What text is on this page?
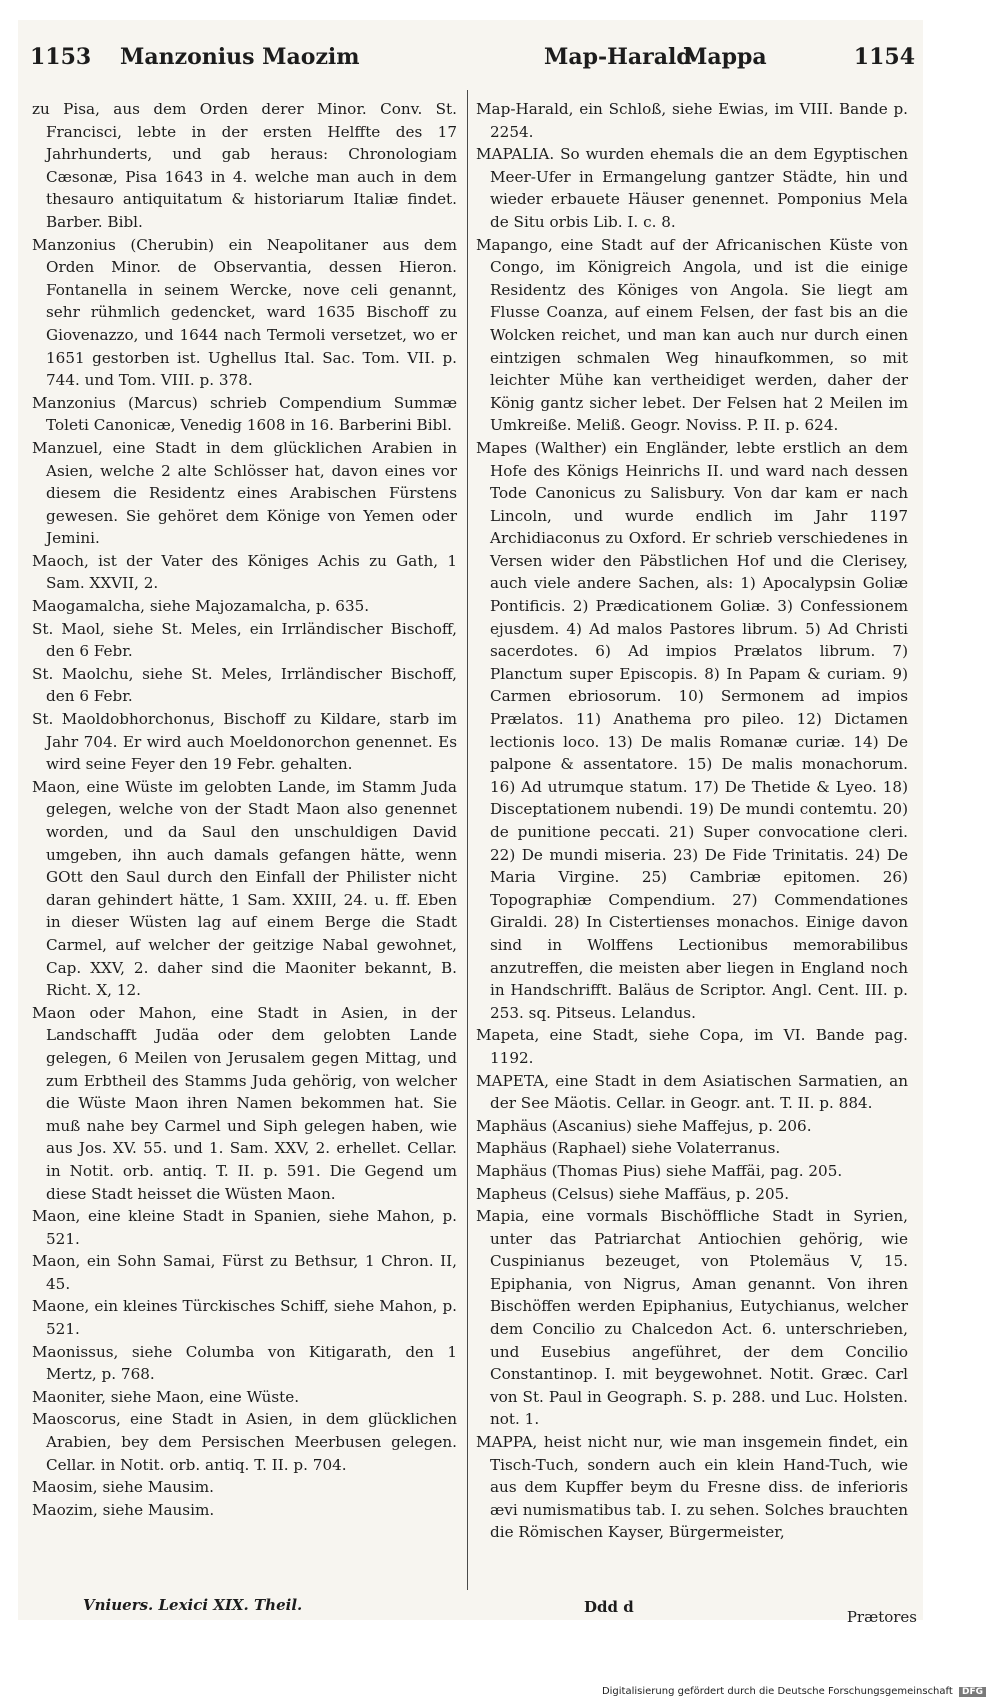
1153 Manzonius Maozim	Map-Harald
Mappa	1154

zu Pisa, aus dem Orden derer Minor. Conv. St. Francisci, lebte in der ersten Helffte des 17 Jahrhunderts, und gab heraus: Chronologiam Cæsonæ, Pisa 1643 in 4. welche man auch in dem thesauro antiquitatum & historiarum Italiæ findet. Barber. Bibl.

Manzonius (Cherubin) ein Neapolitaner aus dem Orden Minor. de Observantia, dessen Hieron. Fontanella in seinem Wercke, nove celi genannt, sehr rühmlich gedencket, ward 1635 Bischoff zu Giovenazzo, und 1644 nach Termoli versetzet, wo er 1651 gestorben ist. Ughellus Ital. Sac. Tom. VII. p. 744. und Tom. VIII. p. 378.

Manzonius (Marcus) schrieb Compendium Summæ Toleti Canonicæ, Venedig 1608 in 16. Barberini Bibl.

Manzuel, eine Stadt in dem glücklichen Arabien in Asien, welche 2 alte Schlösser hat, davon eines vor diesem die Residentz eines Arabischen Fürstens gewesen. Sie gehöret dem Könige von Yemen oder Jemini.

Maoch, ist der Vater des Königes Achis zu Gath, 1 Sam. XXVII, 2.

Maogamalcha, siehe Majozamalcha, p. 635.

St. Maol, siehe St. Meles, ein Irrländischer Bischoff, den 6 Febr.

St. Maolchu, siehe St. Meles, Irrländischer Bischoff, den 6 Febr.

St. Maoldobhorchonus, Bischoff zu Kildare, starb im Jahr 704. Er wird auch Moeldonorchon genennet. Es wird seine Feyer den 19 Febr. gehalten.

Maon, eine Wüste im gelobten Lande, im Stamm Juda gelegen, welche von der Stadt Maon also genennet worden, und da Saul den unschuldigen David umgeben, ihn auch damals gefangen hätte, wenn GOtt den Saul durch den Einfall der Philister nicht daran gehindert hätte, 1 Sam. XXIII, 24. u. ff. Eben in dieser Wüsten lag auf einem Berge die Stadt Carmel, auf welcher der geitzige Nabal gewohnet, Cap. XXV, 2. daher sind die Maoniter bekannt, B. Richt. X, 12.

Maon oder Mahon, eine Stadt in Asien, in der Landschafft Judäa oder dem gelobten Lande gelegen, 6 Meilen von Jerusalem gegen Mittag, und zum Erbtheil des Stamms Juda gehörig, von welcher die Wüste Maon ihren Namen bekommen hat. Sie muß nahe bey Carmel und Siph gelegen haben, wie aus Jos. XV. 55. und 1. Sam. XXV, 2. erhellet. Cellar. in Notit. orb. antiq. T. II. p. 591. Die Gegend um diese Stadt heisset die Wüsten Maon.

Maon, eine kleine Stadt in Spanien, siehe Mahon, p. 521.

Maon, ein Sohn Samai, Fürst zu Bethsur, 1 Chron. II, 45.

Maone, ein kleines Türckisches Schiff, siehe Mahon, p. 521.

Maonissus, siehe Columba von Kitigarath, den 1 Mertz, p. 768.

Maoniter, siehe Maon, eine Wüste.

Maoscorus, eine Stadt in Asien, in dem glücklichen Arabien, bey dem Persischen Meerbusen gelegen. Cellar. in Notit. orb. antiq. T. II. p. 704.

Maosim, siehe Mausim.

Maozim, siehe Mausim.

Map-Harald, ein Schloß, siehe Ewias, im VIII. Bande p. 2254.

MAPALIA. So wurden ehemals die an dem Egyptischen Meer-Ufer in Ermangelung gantzer Städte, hin und wieder erbauete Häuser genennet. Pomponius Mela de Situ orbis Lib. I. c. 8.

Mapango, eine Stadt auf der Africanischen Küste von Congo, im Königreich Angola, und ist die einige Residentz des Königes von Angola. Sie liegt am Flusse Coanza, auf einem Felsen, der fast bis an die Wolcken reichet, und man kan auch nur durch einen eintzigen schmalen Weg hinaufkommen, so mit leichter Mühe kan vertheidiget werden, daher der König gantz sicher lebet. Der Felsen hat 2 Meilen im Umkreiße. Meliß. Geogr. Noviss. P. II. p. 624.

Mapes (Walther) ein Engländer, lebte erstlich an dem Hofe des Königs Heinrichs II. und ward nach dessen Tode Canonicus zu Salisbury. Von dar kam er nach Lincoln, und wurde endlich im Jahr 1197 Archidiaconus zu Oxford. Er schrieb verschiedenes in Versen wider den Päbstlichen Hof und die Clerisey, auch viele andere Sachen, als: 1) Apocalypsin Goliæ Pontificis. 2) Prædicationem Goliæ. 3) Confessionem ejusdem. 4) Ad malos Pastores librum. 5) Ad Christi sacerdotes. 6) Ad impios Prælatos librum. 7) Planctum super Episcopis. 8) In Papam & curiam. 9) Carmen ebriosorum. 10) Sermonem ad impios Prælatos. 11) Anathema pro pileo. 12) Dictamen lectionis loco. 13) De malis Romanæ curiæ. 14) De palpone & assentatore. 15) De malis monachorum. 16) Ad utrumque statum. 17) De Thetide & Lyeo. 18) Disceptationem nubendi. 19) De mundi contemtu. 20) de punitione peccati. 21) Super convocatione cleri. 22) De mundi miseria. 23) De Fide Trinitatis. 24) De Maria Virgine. 25) Cambriæ epitomen. 26) Topographiæ Compendium. 27) Commendationes Giraldi. 28) In Cistertienses monachos. Einige davon sind in Wolffens Lectionibus memorabilibus anzutreffen, die meisten aber liegen in England noch in Handschrifft. Baläus de Scriptor. Angl. Cent. III. p. 253. sq. Pitseus. Lelandus.

Mapeta, eine Stadt, siehe Copa, im VI. Bande pag. 1192.

MAPETA, eine Stadt in dem Asiatischen Sarmatien, an der See Mäotis. Cellar. in Geogr. ant. T. II. p. 884.

Maphäus (Ascanius) siehe Maffejus, p. 206.

Maphäus (Raphael) siehe Volaterranus.

Maphäus (Thomas Pius) siehe Maffäi, pag. 205.

Mapheus (Celsus) siehe Maffäus, p. 205.

Mapia, eine vormals Bischöffliche Stadt in Syrien, unter das Patriarchat Antiochien gehörig, wie Cuspinianus bezeuget, von Ptolemäus V, 15. Epiphania, von Nigrus, Aman genannt. Von ihren Bischöffen werden Epiphanius, Eutychianus, welcher dem Concilio zu Chalcedon Act. 6. unterschrieben, und Eusebius angeführet, der dem Concilio Constantinop. I. mit beygewohnet. Notit. Græc. Carl von St. Paul in Geograph. S. p. 288. und Luc. Holsten. not. 1.

MAPPA, heist nicht nur, wie man insgemein findet, ein Tisch-Tuch, sondern auch ein klein Hand-Tuch, wie aus dem Kupffer beym du Fresne diss. de inferioris ævi numismatibus tab. I. zu sehen. Solches brauchten die Römischen Kayser, Bürgermeister,

Vniuers. Lexici XIX. Theil.	Ddd d
Prætores
Digitalisierung gefördert durch die Deutsche Forschungsgemeinschaft DFG
